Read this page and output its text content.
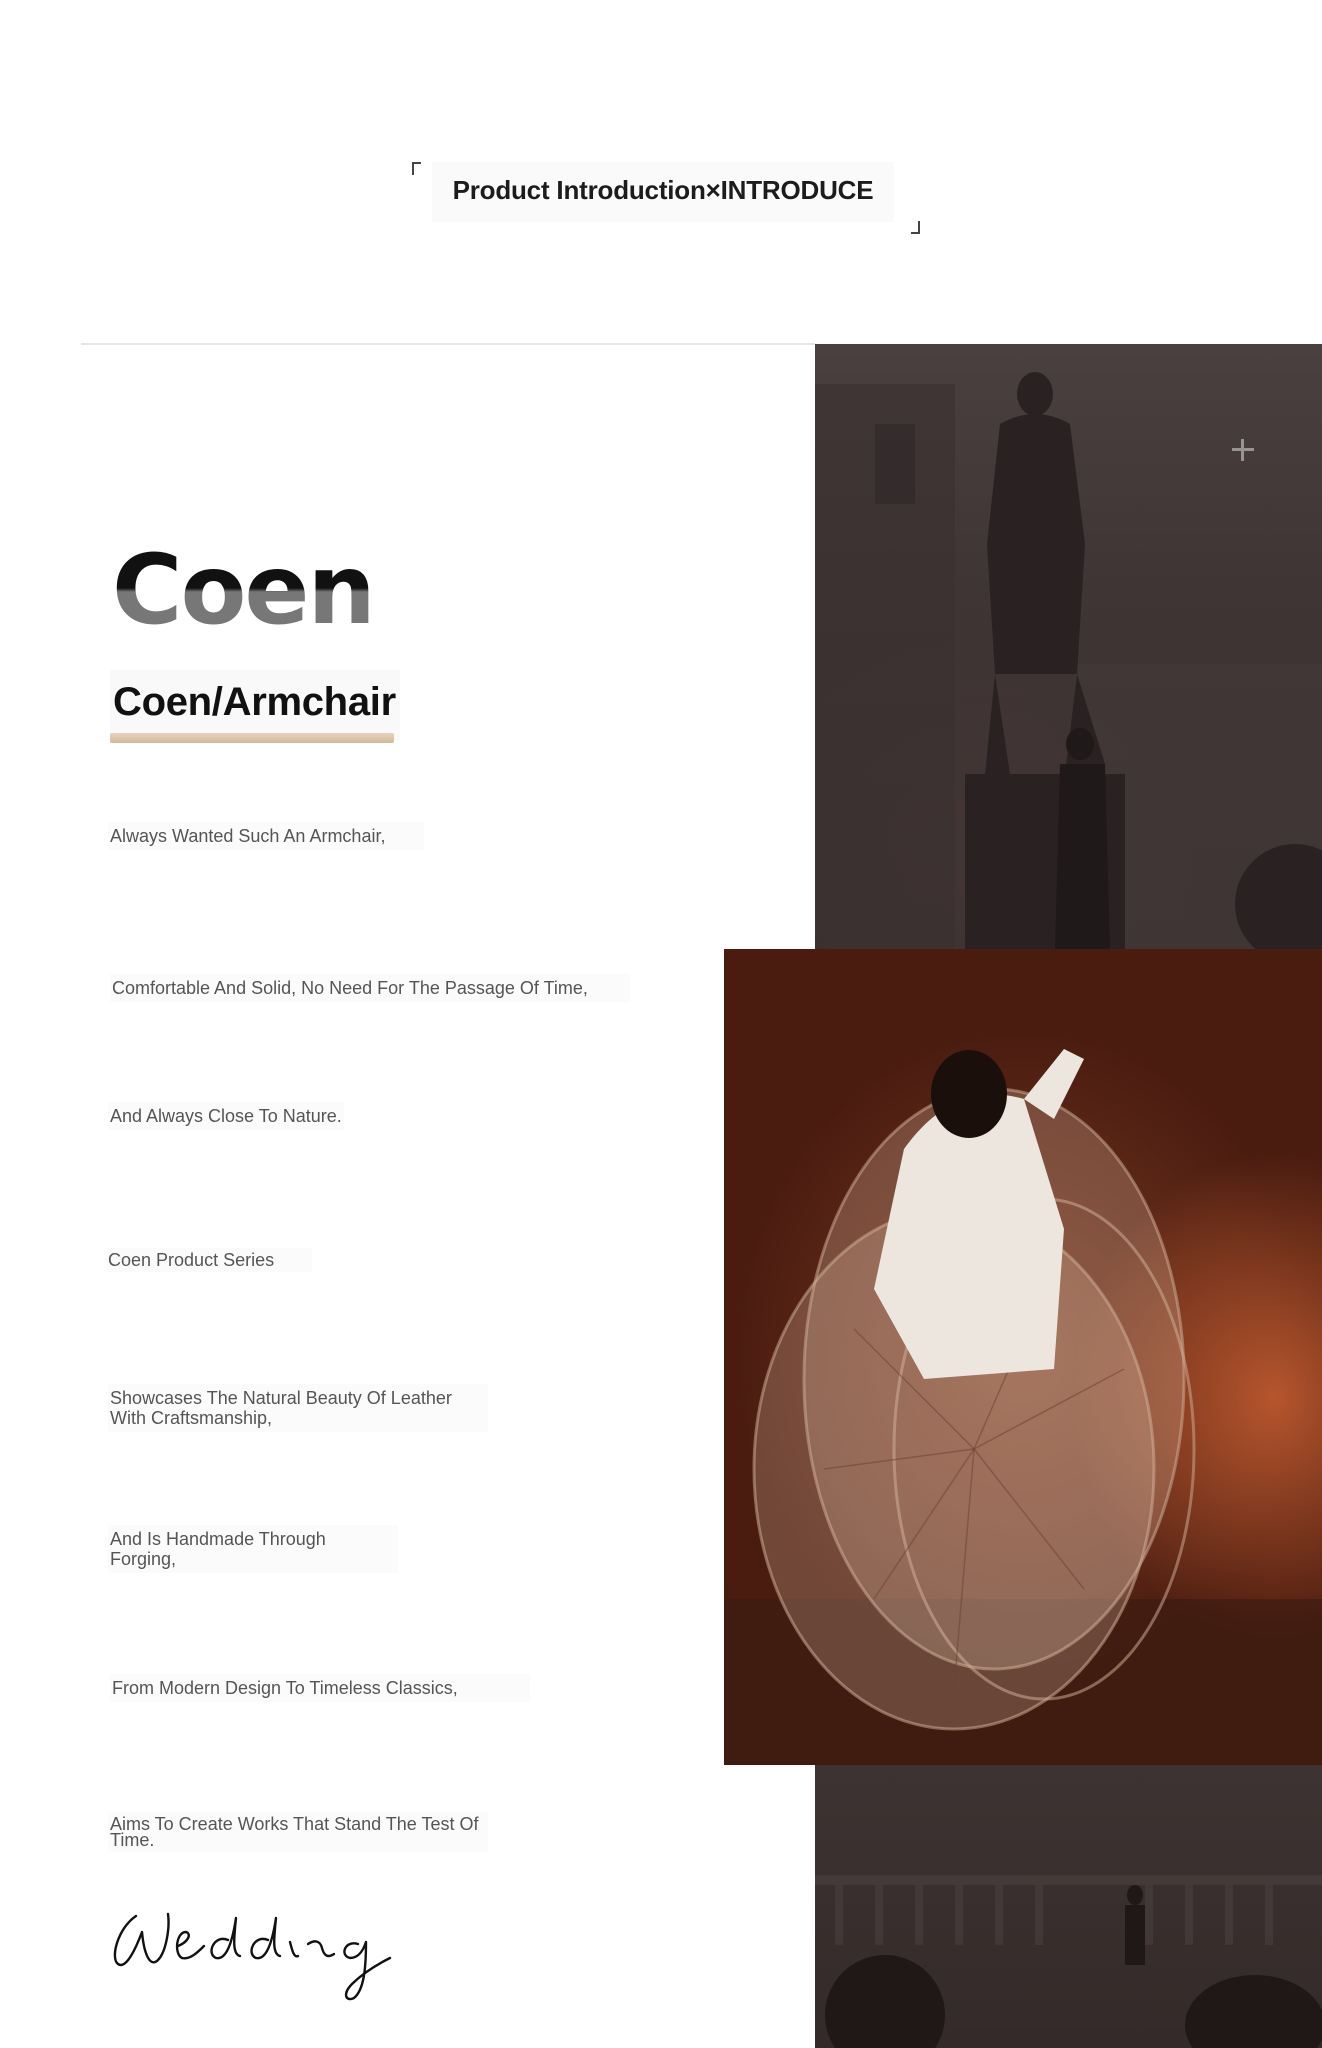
Product Introduction×INTRODUCE
Coen
Coen/Armchair
Always Wanted Such An Armchair,
Comfortable And Solid, No Need For The Passage Of Time,
And Always Close To Nature.
Coen Product Series
Showcases The Natural Beauty Of Leather With Craftsmanship,
And Is Handmade Through Forging,
From Modern Design To Timeless Classics,
Aims To Create Works That Stand The Test Of Time.
